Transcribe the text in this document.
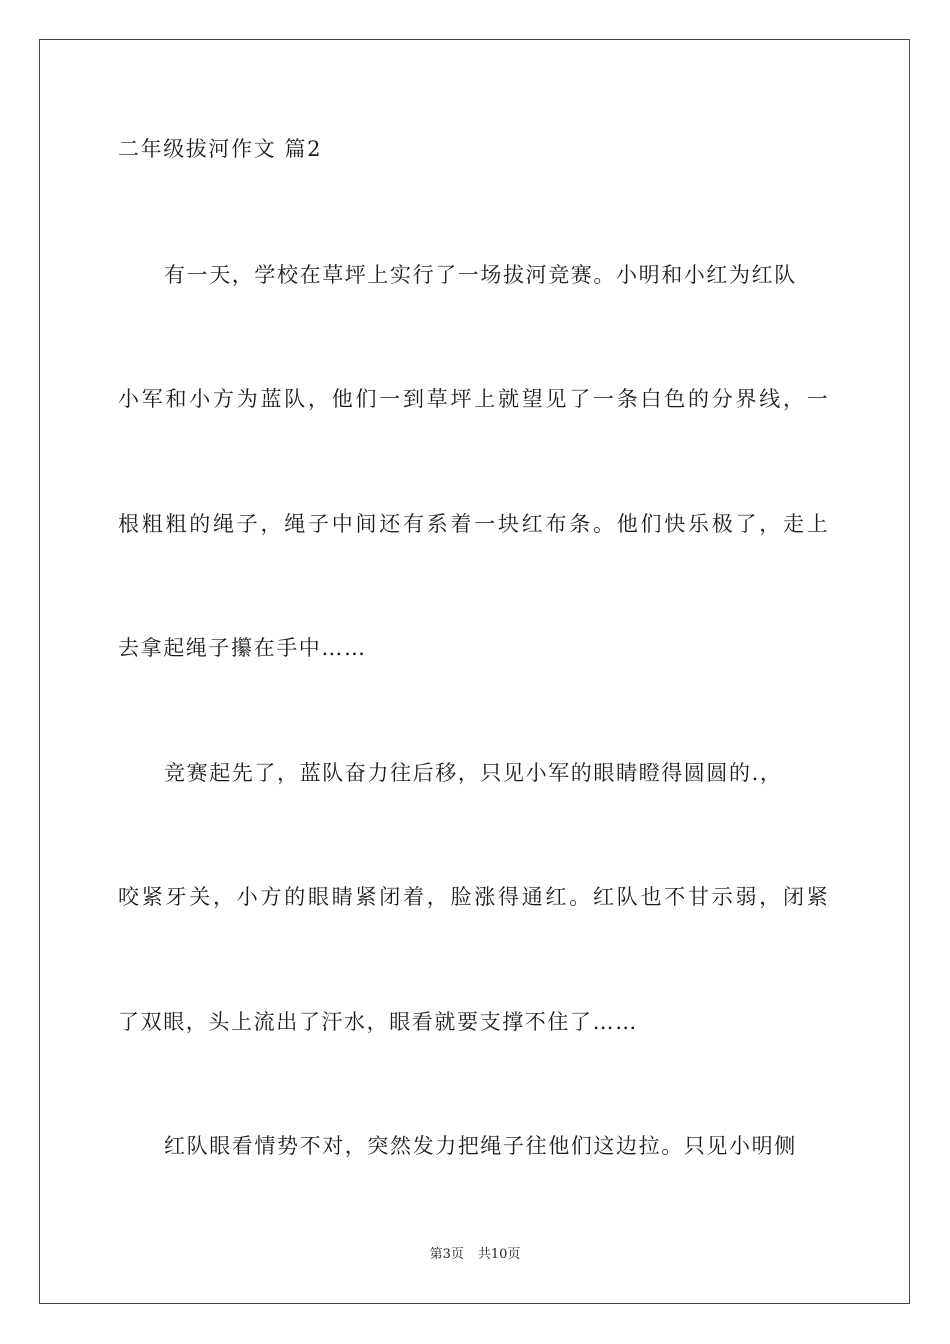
二年级拔河作文 篇2
有一天，学校在草坪上实行了一场拔河竞赛。小明和小红为红队
小军和小方为蓝队，他们一到草坪上就望见了一条白色的分界线，一
根粗粗的绳子，绳子中间还有系着一块红布条。他们快乐极了，走上
去拿起绳子攥在手中……
竞赛起先了，蓝队奋力往后移，只见小军的眼睛瞪得圆圆的.，
咬紧牙关，小方的眼睛紧闭着，脸涨得通红。红队也不甘示弱，闭紧
了双眼，头上流出了汗水，眼看就要支撑不住了……
红队眼看情势不对，突然发力把绳子往他们这边拉。只见小明侧
第3页 共10页
